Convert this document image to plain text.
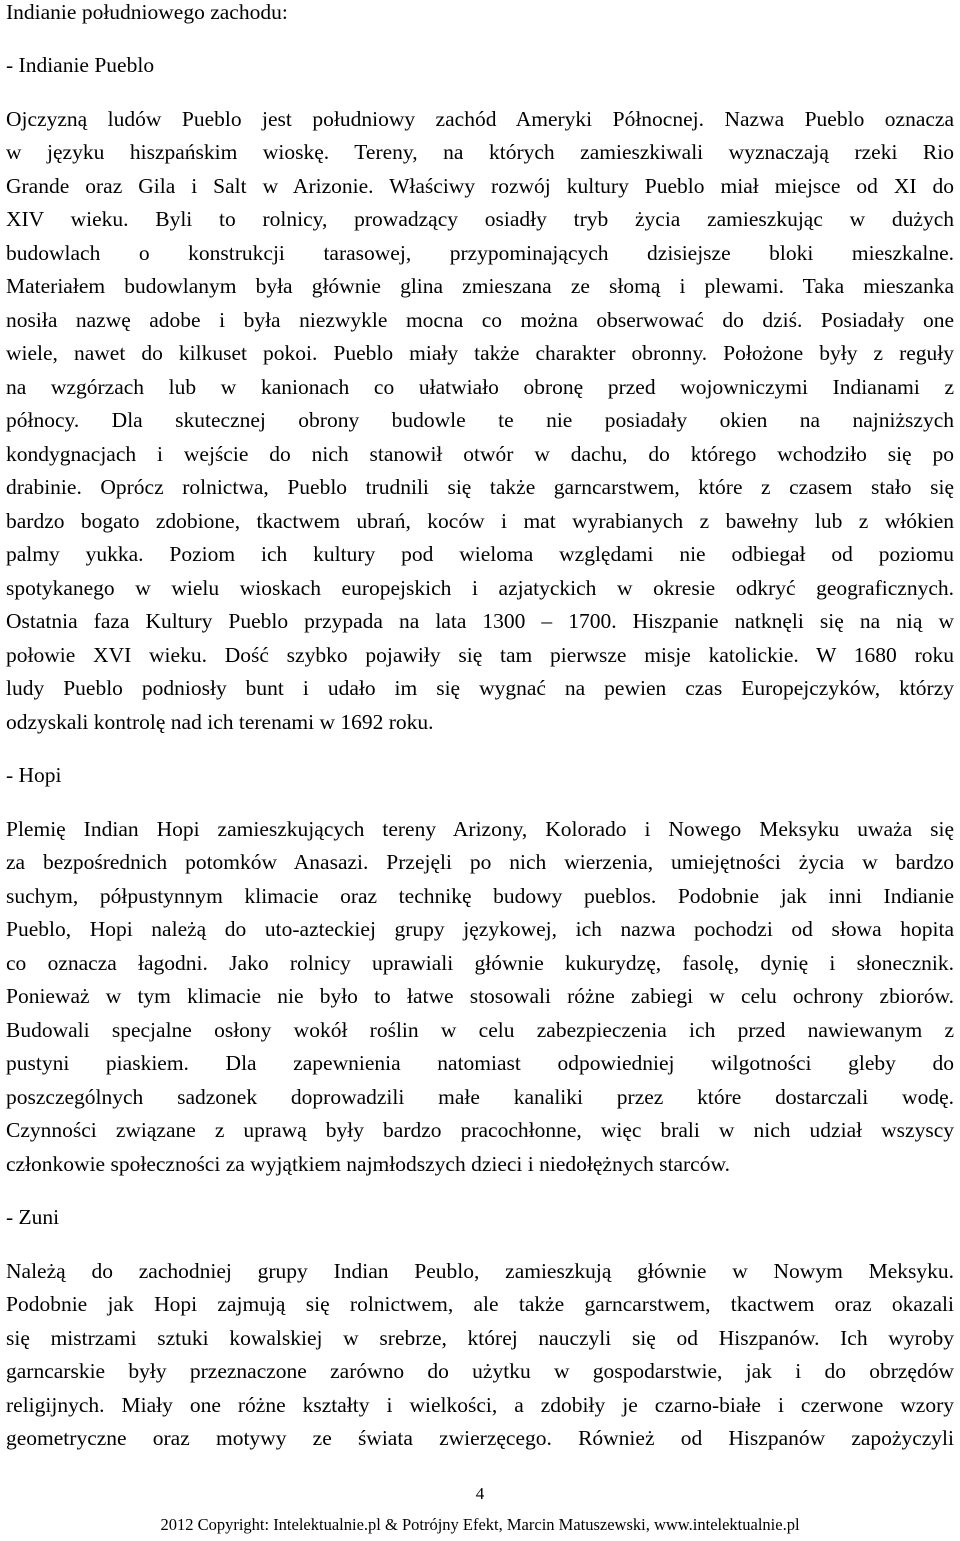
Indianie południowego zachodu:
- Indianie Pueblo
Ojczyzną ludów Pueblo jest południowy zachód Ameryki Północnej. Nazwa Pueblo oznacza
w języku hiszpańskim wioskę. Tereny, na których zamieszkiwali wyznaczają rzeki Rio
Grande oraz Gila i Salt w Arizonie. Właściwy rozwój kultury Pueblo miał miejsce od XI do
XIV wieku. Byli to rolnicy, prowadzący osiadły tryb życia zamieszkując w dużych
budowlach o konstrukcji tarasowej, przypominających dzisiejsze bloki mieszkalne.
Materiałem budowlanym była głównie glina zmieszana ze słomą i plewami. Taka mieszanka
nosiła nazwę adobe i była niezwykle mocna co można obserwować do dziś. Posiadały one
wiele, nawet do kilkuset pokoi. Pueblo miały także charakter obronny. Położone były z reguły
na wzgórzach lub w kanionach co ułatwiało obronę przed wojowniczymi Indianami z
północy. Dla skutecznej obrony budowle te nie posiadały okien na najniższych
kondygnacjach i wejście do nich stanowił otwór w dachu, do którego wchodziło się po
drabinie. Oprócz rolnictwa, Pueblo trudnili się także garncarstwem, które z czasem stało się
bardzo bogato zdobione, tkactwem ubrań, koców i mat wyrabianych z bawełny lub z włókien
palmy yukka. Poziom ich kultury pod wieloma względami nie odbiegał od poziomu
spotykanego w wielu wioskach europejskich i azjatyckich w okresie odkryć geograficznych.
Ostatnia faza Kultury Pueblo przypada na lata 1300 – 1700. Hiszpanie natknęli się na nią w
połowie XVI wieku. Dość szybko pojawiły się tam pierwsze misje katolickie. W 1680 roku
ludy Pueblo podniosły bunt i udało im się wygnać na pewien czas Europejczyków, którzy
odzyskali kontrolę nad ich terenami w 1692 roku.
- Hopi
Plemię Indian Hopi zamieszkujących tereny Arizony, Kolorado i Nowego Meksyku uważa się
za bezpośrednich potomków Anasazi. Przejęli po nich wierzenia, umiejętności życia w bardzo
suchym, półpustynnym klimacie oraz technikę budowy pueblos. Podobnie jak inni Indianie
Pueblo, Hopi należą do uto-azteckiej grupy językowej, ich nazwa pochodzi od słowa hopita
co oznacza łagodni. Jako rolnicy uprawiali głównie kukurydzę, fasolę, dynię i słonecznik.
Ponieważ w tym klimacie nie było to łatwe stosowali różne zabiegi w celu ochrony zbiorów.
Budowali specjalne osłony wokół roślin w celu zabezpieczenia ich przed nawiewanym z
pustyni piaskiem. Dla zapewnienia natomiast odpowiedniej wilgotności gleby do
poszczególnych sadzonek doprowadzili małe kanaliki przez które dostarczali wodę.
Czynności związane z uprawą były bardzo pracochłonne, więc brali w nich udział wszyscy
członkowie społeczności za wyjątkiem najmłodszych dzieci i niedołężnych starców.
- Zuni
Należą do zachodniej grupy Indian Peublo, zamieszkują głównie w Nowym Meksyku.
Podobnie jak Hopi zajmują się rolnictwem, ale także garncarstwem, tkactwem oraz okazali
się mistrzami sztuki kowalskiej w srebrze, której nauczyli się od Hiszpanów. Ich wyroby
garncarskie były przeznaczone zarówno do użytku w gospodarstwie, jak i do obrzędów
religijnych. Miały one różne kształty i wielkości, a zdobiły je czarno-białe i czerwone wzory
geometryczne oraz motywy ze świata zwierzęcego. Również od Hiszpanów zapożyczyli
4
2012 Copyright: Intelektualnie.pl & Potrójny Efekt, Marcin Matuszewski, www.intelektualnie.pl
